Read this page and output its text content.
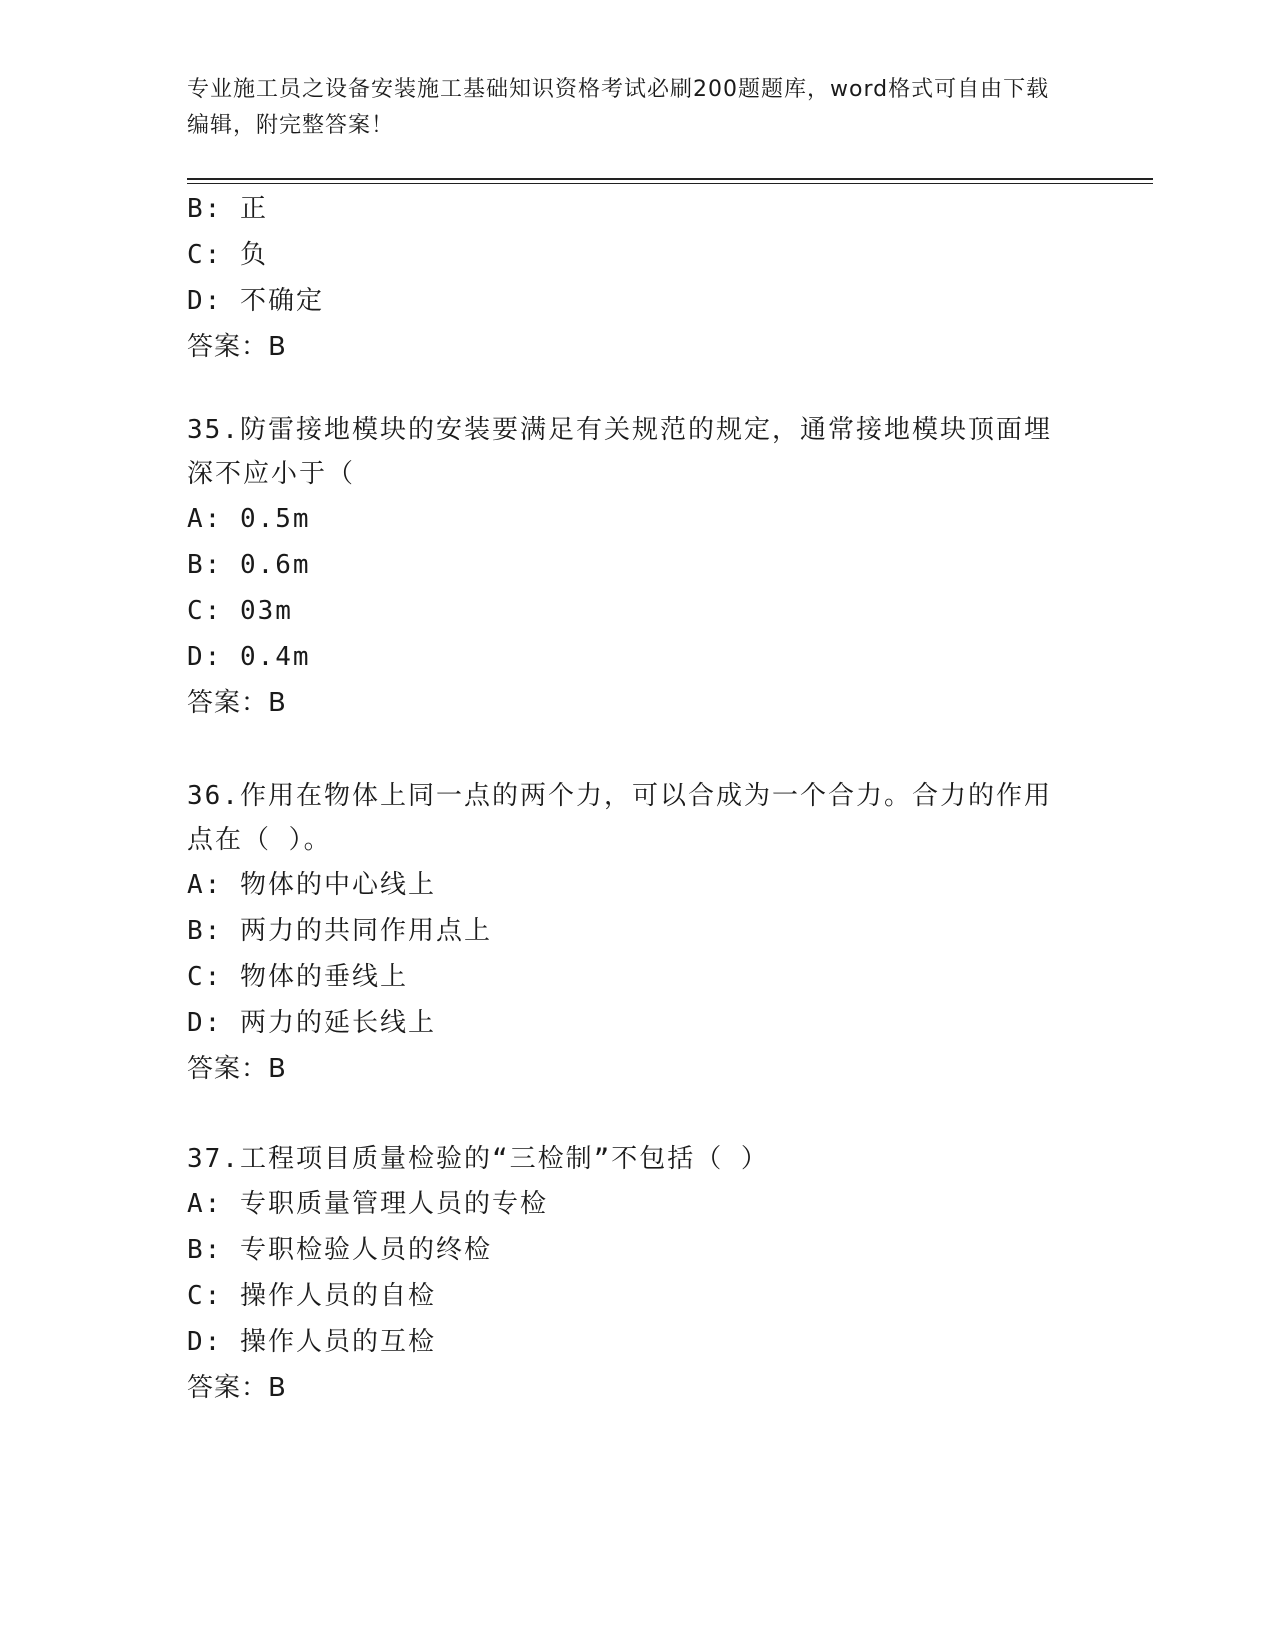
专业施工员之设备安装施工基础知识资格考试必刷200题题库，word格式可自由下载编辑，附完整答案！
B: 正
C: 负
D: 不确定
答案：B
35.防雷接地模块的安装要满足有关规范的规定，通常接地模块顶面埋
深不应小于（
A: 0.5m
B: 0.6m
C: 03m
D: 0.4m
答案：B
36.作用在物体上同一点的两个力，可以合成为一个合力。合力的作用
点在（ ）。
A: 物体的中心线上
B: 两力的共同作用点上
C: 物体的垂线上
D: 两力的延长线上
答案：B
37.工程项目质量检验的“三检制”不包括（ ）
A: 专职质量管理人员的专检
B: 专职检验人员的终检
C: 操作人员的自检
D: 操作人员的互检
答案：B
